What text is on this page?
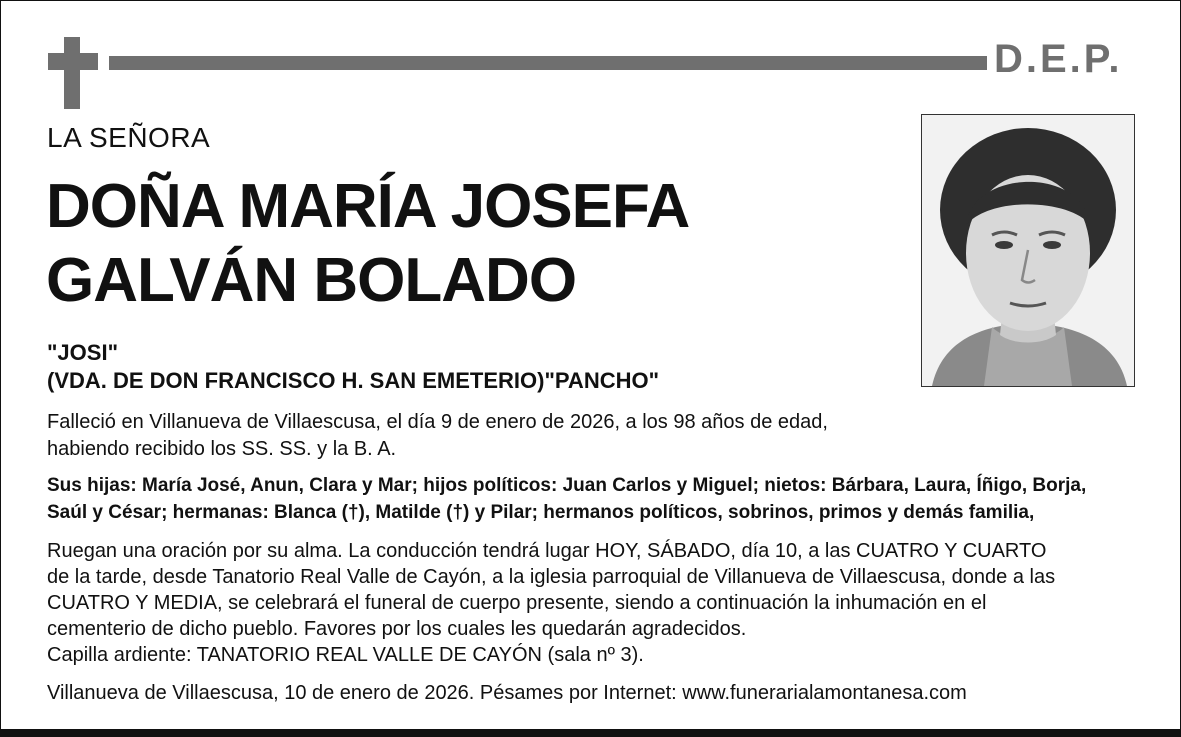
D.E.P.
LA SEÑORA
DOÑA MARÍA JOSEFA
GALVÁN BOLADO
"JOSI"
(VDA. DE DON FRANCISCO H. SAN EMETERIO)"PANCHO"
Falleció en Villanueva de Villaescusa, el día 9 de enero de 2026, a los 98 años de edad,
habiendo recibido los SS. SS. y la B. A.
Sus hijas: María José, Anun, Clara y Mar; hijos políticos: Juan Carlos y Miguel; nietos: Bárbara, Laura, Íñigo, Borja,
Saúl y César; hermanas: Blanca (†), Matilde (†) y Pilar; hermanos políticos, sobrinos, primos y demás familia,
Ruegan una oración por su alma. La conducción tendrá lugar HOY, SÁBADO, día 10, a las CUATRO Y CUARTO
de la tarde, desde Tanatorio Real Valle de Cayón, a la iglesia parroquial de Villanueva de Villaescusa, donde a las
CUATRO Y MEDIA, se celebrará el funeral de cuerpo presente, siendo a continuación la inhumación en el
cementerio de dicho pueblo. Favores por los cuales les quedarán agradecidos.
Capilla ardiente: TANATORIO REAL VALLE DE CAYÓN (sala nº 3).
Villanueva de Villaescusa, 10 de enero de 2026. Pésames por Internet: www.funerarialamontanesa.com
